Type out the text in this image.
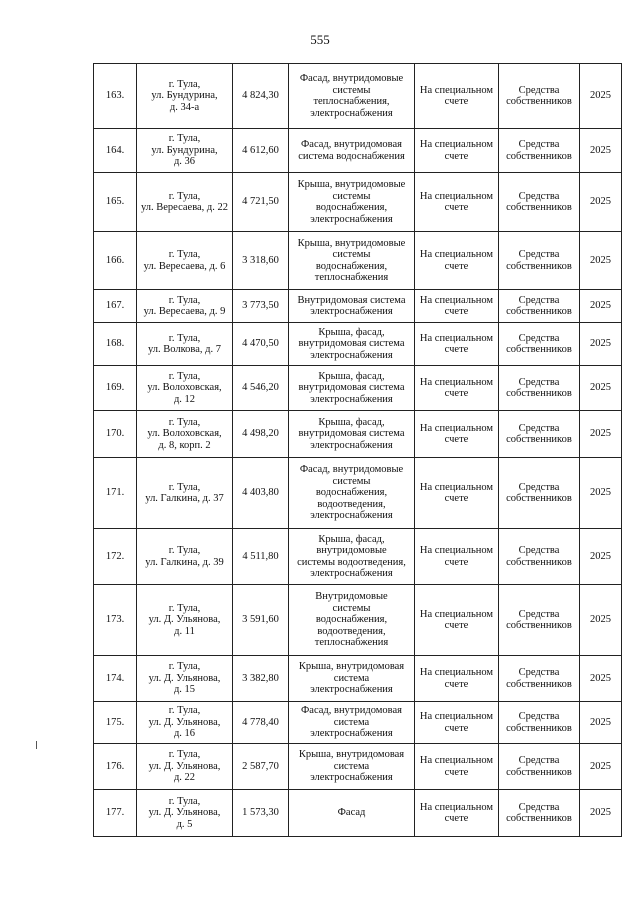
555
163.	г. Тула,
ул. Бундурина,
д. 34-а	4 824,30	Фасад, внутридомовые
системы
теплоснабжения,
электроснабжения	На специальном
счете	Средства
собственников	2025
164.	г. Тула,
ул. Бундурина,
д. 36	4 612,60	Фасад, внутридомовая
система водоснабжения	На специальном
счете	Средства
собственников	2025
165.	г. Тула,
ул. Вересаева, д. 22	4 721,50	Крыша, внутридомовые
системы
водоснабжения,
электроснабжения	На специальном
счете	Средства
собственников	2025
166.	г. Тула,
ул. Вересаева, д. 6	3 318,60	Крыша, внутридомовые
системы
водоснабжения,
теплоснабжения	На специальном
счете	Средства
собственников	2025
167.	г. Тула,
ул. Вересаева, д. 9	3 773,50	Внутридомовая система
электроснабжения	На специальном
счете	Средства
собственников	2025
168.	г. Тула,
ул. Волкова, д. 7	4 470,50	Крыша, фасад,
внутридомовая система
электроснабжения	На специальном
счете	Средства
собственников	2025
169.	г. Тула,
ул. Волоховская,
д. 12	4 546,20	Крыша, фасад,
внутридомовая система
электроснабжения	На специальном
счете	Средства
собственников	2025
170.	г. Тула,
ул. Волоховская,
д. 8, корп. 2	4 498,20	Крыша, фасад,
внутридомовая система
электроснабжения	На специальном
счете	Средства
собственников	2025
171.	г. Тула,
ул. Галкина, д. 37	4 403,80	Фасад, внутридомовые
системы
водоснабжения,
водоотведения,
электроснабжения	На специальном
счете	Средства
собственников	2025
172.	г. Тула,
ул. Галкина, д. 39	4 511,80	Крыша, фасад,
внутридомовые
системы водоотведения,
электроснабжения	На специальном
счете	Средства
собственников	2025
173.	г. Тула,
ул. Д. Ульянова,
д. 11	3 591,60	Внутридомовые
системы
водоснабжения,
водоотведения,
теплоснабжения	На специальном
счете	Средства
собственников	2025
174.	г. Тула,
ул. Д. Ульянова,
д. 15	3 382,80	Крыша, внутридомовая
система
электроснабжения	На специальном
счете	Средства
собственников	2025
175.	г. Тула,
ул. Д. Ульянова,
д. 16	4 778,40	Фасад, внутридомовая
система
электроснабжения	На специальном
счете	Средства
собственников	2025
176.	г. Тула,
ул. Д. Ульянова,
д. 22	2 587,70	Крыша, внутридомовая
система
электроснабжения	На специальном
счете	Средства
собственников	2025
177.	г. Тула,
ул. Д. Ульянова,
д. 5	1 573,30	Фасад	На специальном
счете	Средства
собственников	2025
